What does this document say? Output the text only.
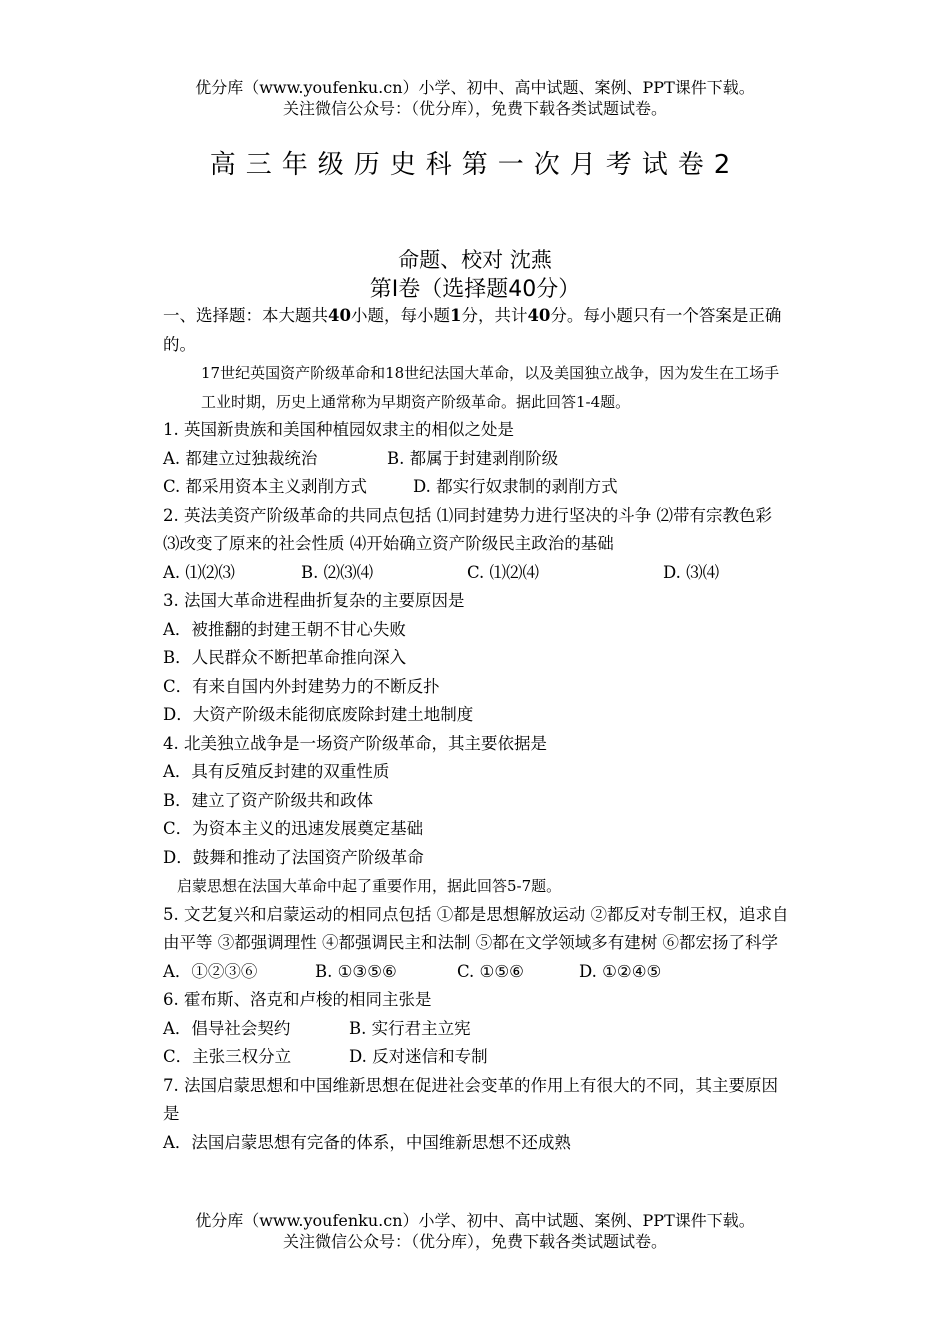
优分库（www.youfenku.cn）小学、初中、高中试题、案例、PPT课件下载。
关注微信公众号：（优分库），免费下载各类试题试卷。
高三年级历史科第一次月考试卷2
命题、校对 沈燕
第Ⅰ卷（选择题40分）

一、选择题：本大题共40小题，每小题1分，共计40分。每小题只有一个答案是正确的。

17世纪英国资产阶级革命和18世纪法国大革命，以及美国独立战争，因为发生在工场手工业时期，历史上通常称为早期资产阶级革命。据此回答1-4题。

1. 英国新贵族和美国种植园奴隶主的相似之处是

A. 都建立过独裁统治	B. 都属于封建剥削阶级

C. 都采用资本主义剥削方式	D. 都实行奴隶制的剥削方式

2. 英法美资产阶级革命的共同点包括 ⑴同封建势力进行坚决的斗争 ⑵带有宗教色彩 ⑶改变了原来的社会性质 ⑷开始确立资产阶级民主政治的基础

A. ⑴⑵⑶	B. ⑵⑶⑷	C. ⑴⑵⑷	D. ⑶⑷

3. 法国大革命进程曲折复杂的主要原因是

A．被推翻的封建王朝不甘心失败

B．人民群众不断把革命推向深入

C．有来自国内外封建势力的不断反扑

D．大资产阶级未能彻底废除封建土地制度

4. 北美独立战争是一场资产阶级革命，其主要依据是

A．具有反殖反封建的双重性质

B．建立了资产阶级共和政体

C．为资本主义的迅速发展奠定基础

D．鼓舞和推动了法国资产阶级革命

启蒙思想在法国大革命中起了重要作用，据此回答5-7题。

5. 文艺复兴和启蒙运动的相同点包括 ①都是思想解放运动 ②都反对专制王权，追求自由平等 ③都强调理性 ④都强调民主和法制 ⑤都在文学领域多有建树 ⑥都宏扬了科学

A．①②③⑥	B. ①③⑤⑥	C. ①⑤⑥	D. ①②④⑤

6. 霍布斯、洛克和卢梭的相同主张是

A．倡导社会契约	B. 实行君主立宪

C．主张三权分立	D. 反对迷信和专制

7. 法国启蒙思想和中国维新思想在促进社会变革的作用上有很大的不同，其主要原因是

A．法国启蒙思想有完备的体系，中国维新思想不还成熟

优分库（www.youfenku.cn）小学、初中、高中试题、案例、PPT课件下载。
关注微信公众号：（优分库），免费下载各类试题试卷。
